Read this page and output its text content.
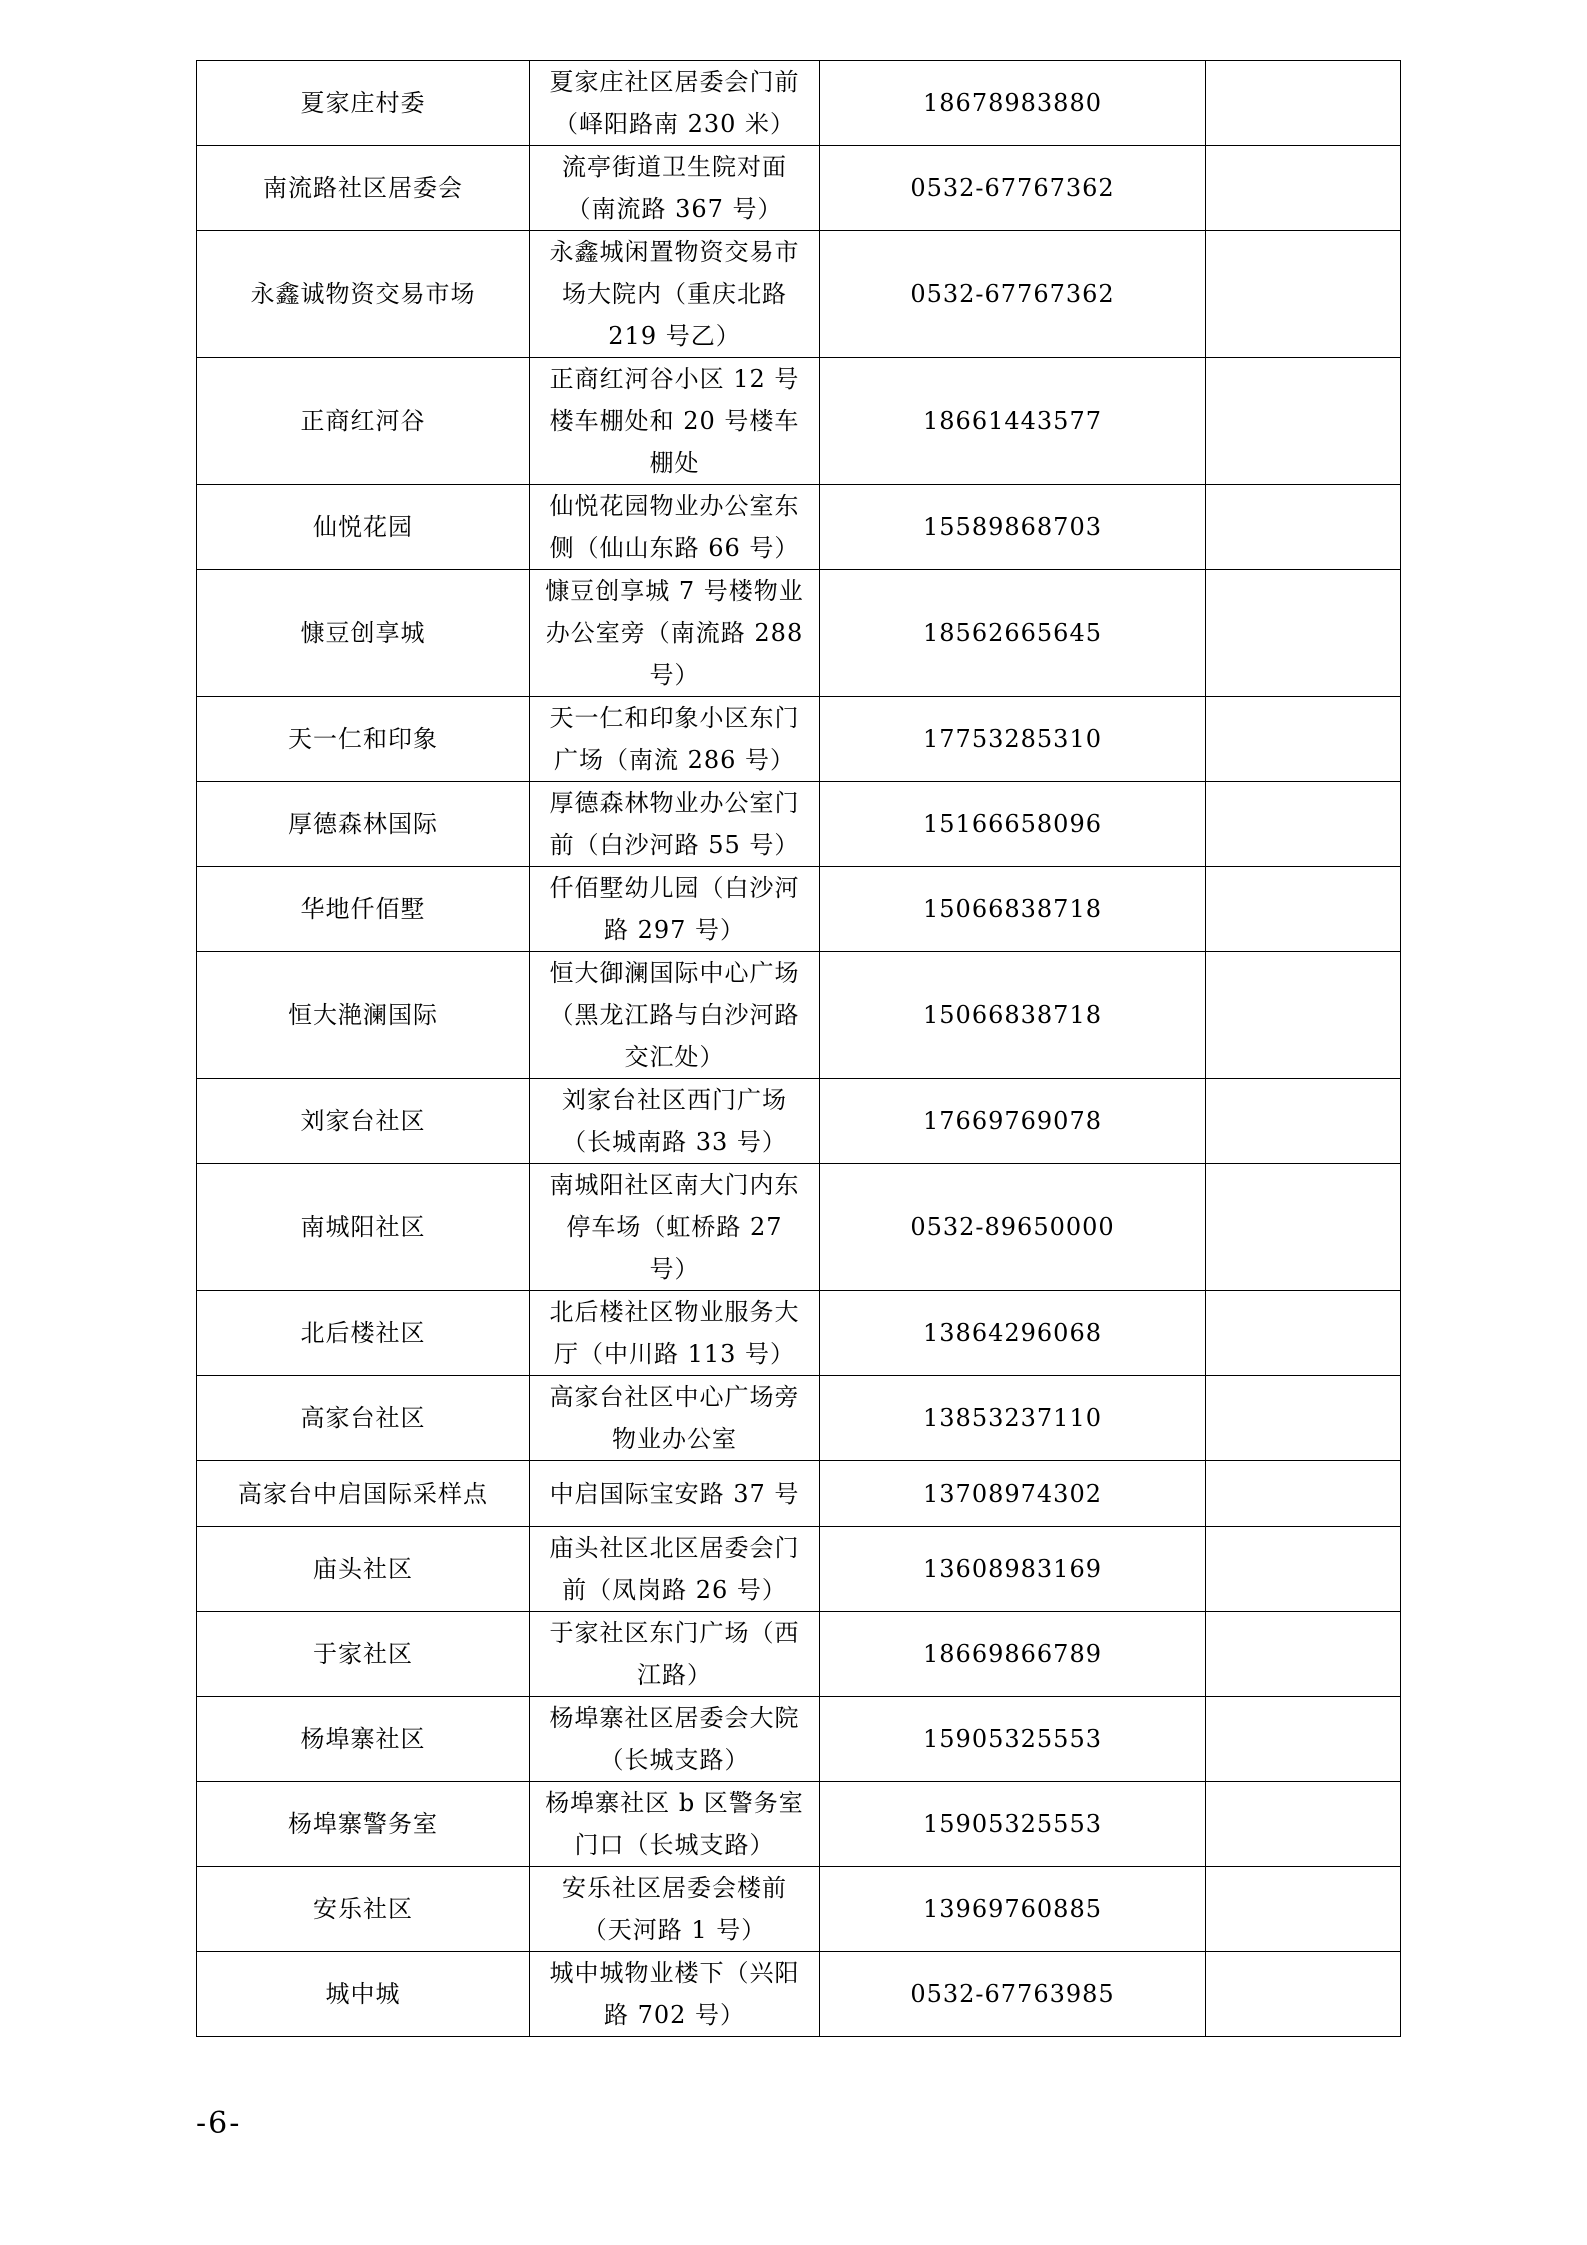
夏家庄村委	夏家庄社区居委会门前（峄阳路南 230 米）	18678983880	
南流路社区居委会	流亭街道卫生院对面（南流路 367 号）	0532-67767362	
永鑫诚物资交易市场	永鑫城闲置物资交易市场大院内（重庆北路 219 号乙）	0532-67767362	
正商红河谷	正商红河谷小区 12 号楼车棚处和 20 号楼车棚处	18661443577	
仙悦花园	仙悦花园物业办公室东侧（仙山东路 66 号）	15589868703	
慷豆创享城	慷豆创享城 7 号楼物业办公室旁（南流路 288 号）	18562665645	
天一仁和印象	天一仁和印象小区东门广场（南流 286 号）	17753285310	
厚德森林国际	厚德森林物业办公室门前（白沙河路 55 号）	15166658096	
华地仟佰墅	仟佰墅幼儿园（白沙河路 297 号）	15066838718	
恒大滟澜国际	恒大御澜国际中心广场（黑龙江路与白沙河路交汇处）	15066838718	
刘家台社区	刘家台社区西门广场（长城南路 33 号）	17669769078	
南城阳社区	南城阳社区南大门内东停车场（虹桥路 27 号）	0532-89650000	
北后楼社区	北后楼社区物业服务大厅（中川路 113 号）	13864296068	
高家台社区	高家台社区中心广场旁物业办公室	13853237110	
高家台中启国际采样点	中启国际宝安路 37 号	13708974302	
庙头社区	庙头社区北区居委会门前（凤岗路 26 号）	13608983169	
于家社区	于家社区东门广场（西江路）	18669866789	
杨埠寨社区	杨埠寨社区居委会大院（长城支路）	15905325553	
杨埠寨警务室	杨埠寨社区 b 区警务室门口（长城支路）	15905325553	
安乐社区	安乐社区居委会楼前（天河路 1 号）	13969760885	
城中城	城中城物业楼下（兴阳路 702 号）	0532-67763985	
-6-
